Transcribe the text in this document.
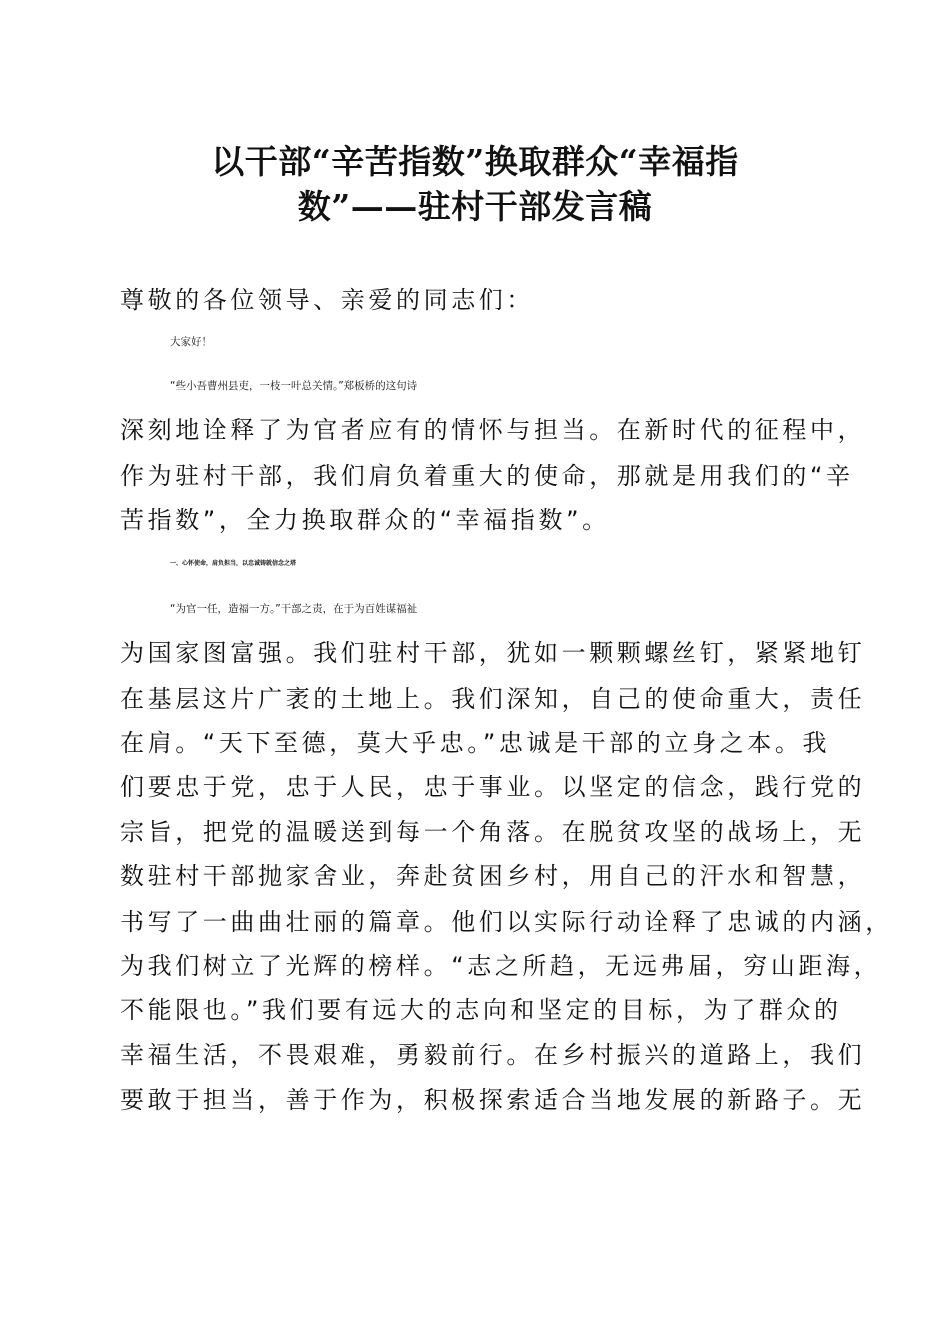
以干部“辛苦指数”换取群众“幸福指
数”——驻村干部发言稿
尊敬的各位领导、亲爱的同志们：
大家好！
“些小吾曹州县吏，一枝一叶总关情。”郑板桥的这句诗
深刻地诠释了为官者应有的情怀与担当。在新时代的征程中，
作为驻村干部，我们肩负着重大的使命，那就是用我们的“辛
苦指数”，全力换取群众的“幸福指数”。
一、心怀使命，肩负担当，以忠诚铸就信念之塔
“为官一任，造福一方。”干部之责，在于为百姓谋福祉
为国家图富强。我们驻村干部，犹如一颗颗螺丝钉，紧紧地钉
在基层这片广袤的土地上。我们深知，自己的使命重大，责任
在肩。“天下至德，莫大乎忠。”忠诚是干部的立身之本。我
们要忠于党，忠于人民，忠于事业。以坚定的信念，践行党的
宗旨，把党的温暖送到每一个角落。在脱贫攻坚的战场上，无
数驻村干部抛家舍业，奔赴贫困乡村，用自己的汗水和智慧，
书写了一曲曲壮丽的篇章。他们以实际行动诠释了忠诚的内涵，
为我们树立了光辉的榜样。“志之所趋，无远弗届，穷山距海，
不能限也。”我们要有远大的志向和坚定的目标，为了群众的
幸福生活，不畏艰难，勇毅前行。在乡村振兴的道路上，我们
要敢于担当，善于作为，积极探索适合当地发展的新路子。无
